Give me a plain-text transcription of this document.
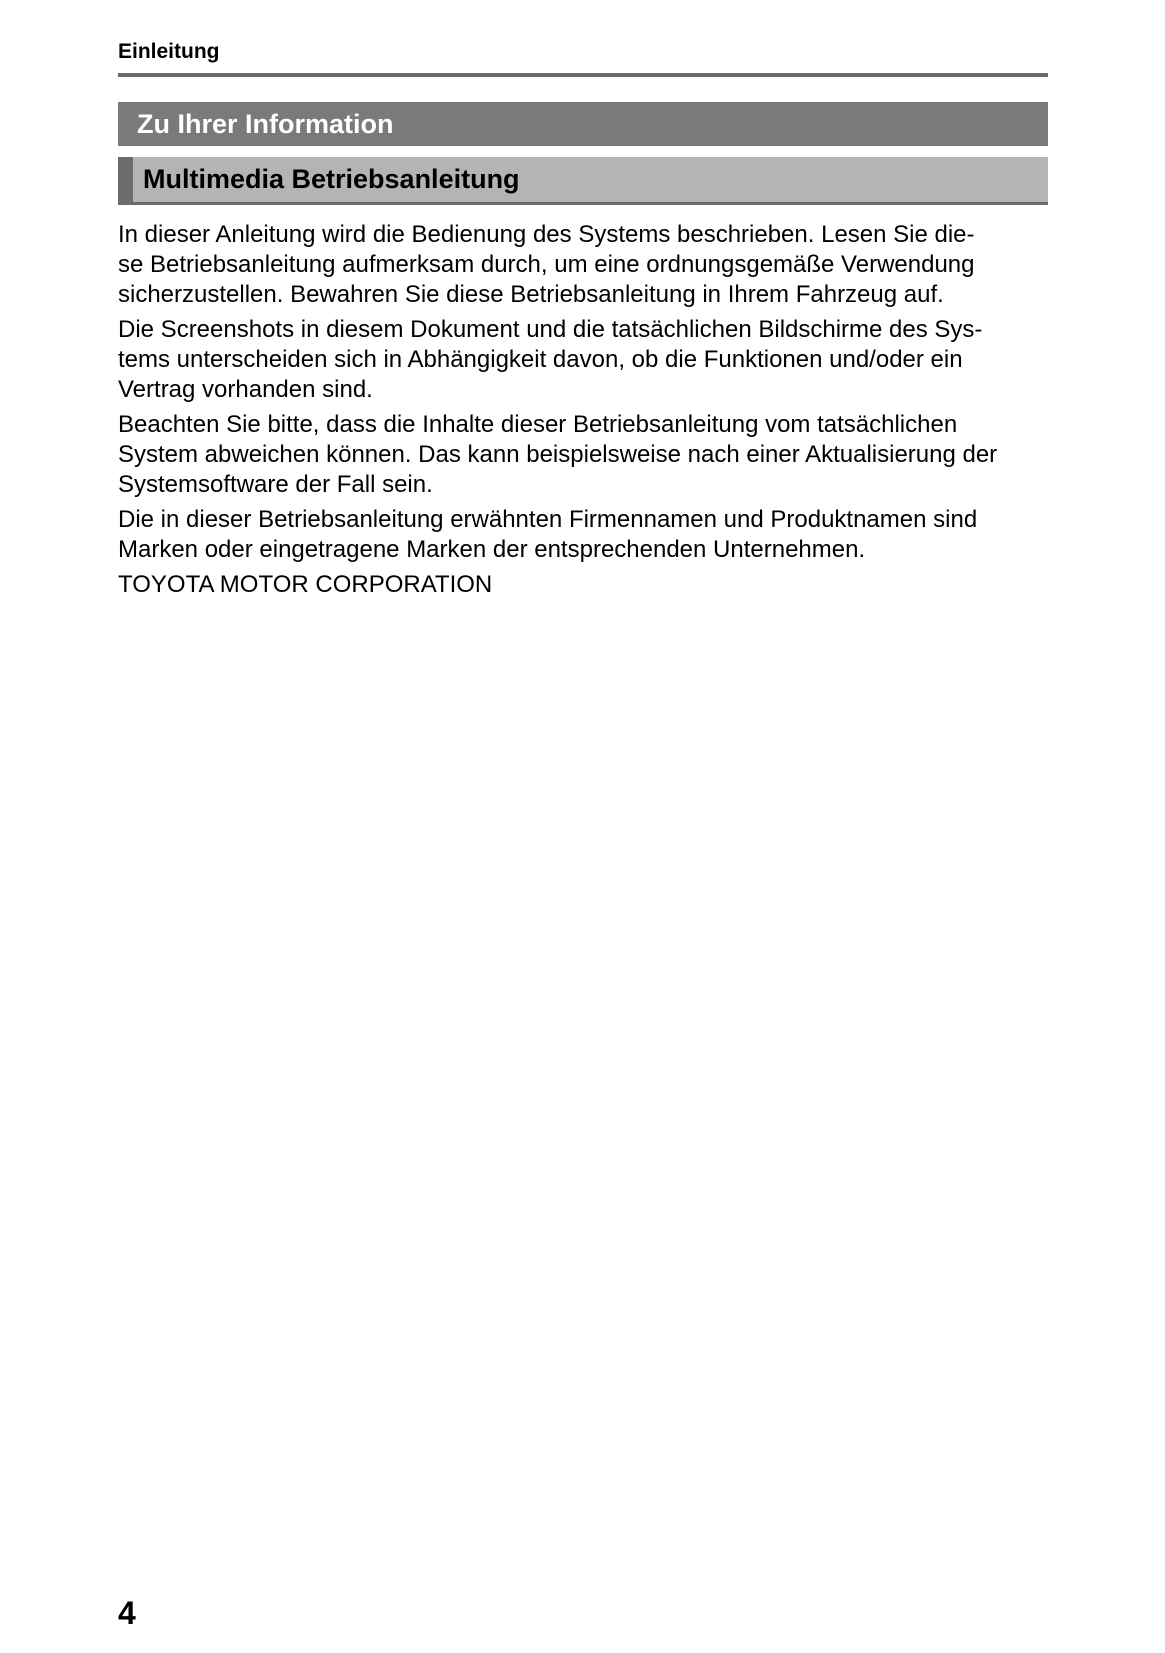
Einleitung
Zu Ihrer Information
Multimedia Betriebsanleitung

In dieser Anleitung wird die Bedienung des Systems beschrieben. Lesen Sie die-
se Betriebsanleitung aufmerksam durch, um eine ordnungsgemäße Verwendung
sicherzustellen. Bewahren Sie diese Betriebsanleitung in Ihrem Fahrzeug auf.

Die Screenshots in diesem Dokument und die tatsächlichen Bildschirme des Sys-
tems unterscheiden sich in Abhängigkeit davon, ob die Funktionen und/oder ein
Vertrag vorhanden sind.

Beachten Sie bitte, dass die Inhalte dieser Betriebsanleitung vom tatsächlichen
System abweichen können. Das kann beispielsweise nach einer Aktualisierung der
Systemsoftware der Fall sein.

Die in dieser Betriebsanleitung erwähnten Firmennamen und Produktnamen sind
Marken oder eingetragene Marken der entsprechenden Unternehmen.

TOYOTA MOTOR CORPORATION

4
